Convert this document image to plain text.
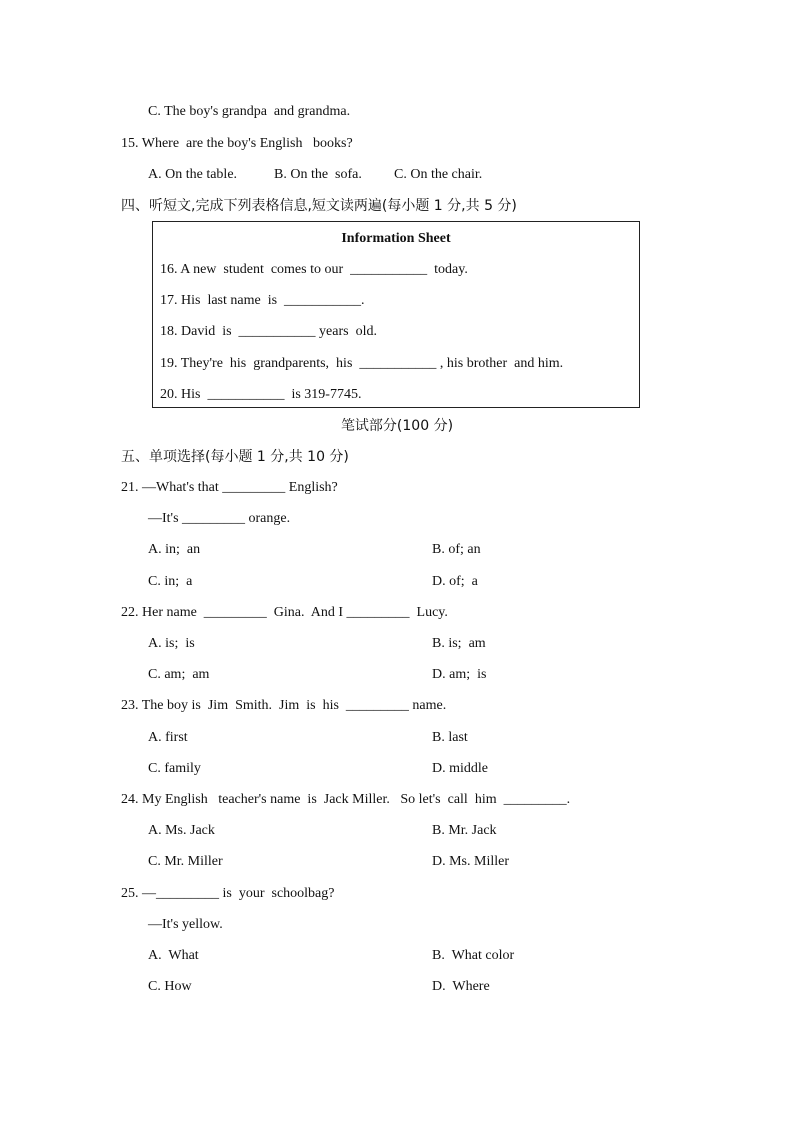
C. The boy's grandpa  and grandma.
15. Where  are the boy's English   books?
A. On the table.	B. On the  sofa. C. On the chair.
四、听短文,完成下列表格信息,短文读两遍(每小题 1 分,共 5 分)
Information Sheet
16. A new  student  comes to our  ___________  today.
17. His  last name  is  ___________.
18. David  is  ___________ years  old.
19. They're  his  grandparents,  his  ___________ , his brother  and him.
20. His  ___________  is 319-7745.
笔试部分(100 分)
五、单项选择(每小题 1 分,共 10 分)
21. —What's that _________ English?
—It's _________ orange.
A. in;  an	B. of; an
C. in;  a	D. of;  a
22. Her name  _________  Gina.  And I _________  Lucy.
A. is;  is	B. is;  am
C. am;  am	D. am;  is
23. The boy is  Jim  Smith.  Jim  is  his  _________ name.
A. first	B. last
C. family	D. middle
24. My English   teacher's name  is  Jack Miller.   So let's  call  him  _________.
A. Ms. Jack	B. Mr. Jack
C. Mr. Miller	D. Ms. Miller
25. —_________ is  your  schoolbag?
—It's yellow.
A.  What	B.  What color
C. How	D.  Where
